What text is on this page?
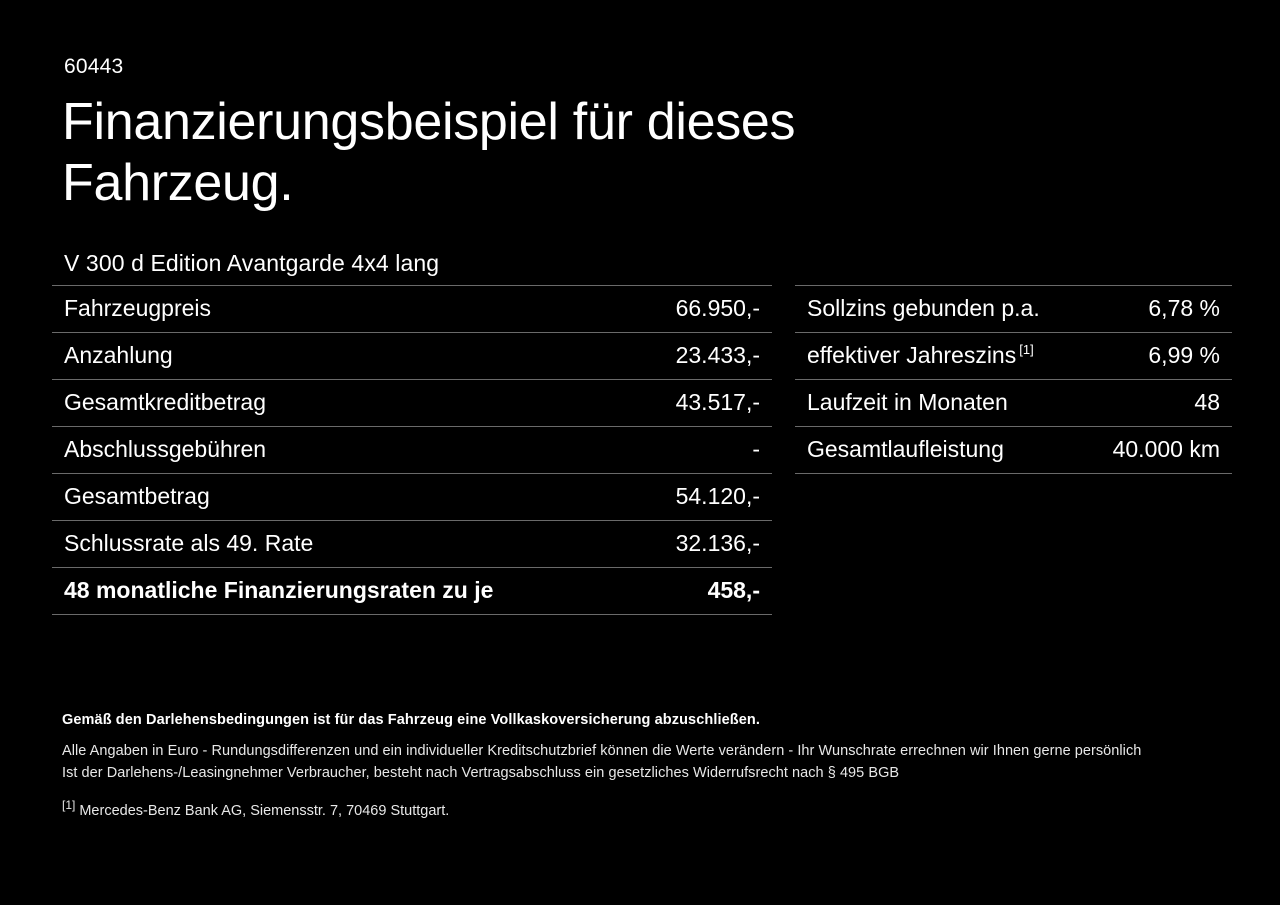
60443
Finanzierungsbeispiel für dieses Fahrzeug.
V 300 d Edition Avantgarde 4x4 lang
Fahrzeugpreis	66.950,-
Anzahlung	23.433,-
Gesamtkreditbetrag	43.517,-
Abschlussgebühren	-
Gesamtbetrag	54.120,-
Schlussrate als 49. Rate	32.136,-
48 monatliche Finanzierungsraten zu je	458,-
Sollzins gebunden p.a.	6,78 %
effektiver Jahreszins [1]	6,99 %
Laufzeit in Monaten	48
Gesamtlaufleistung	40.000 km
Gemäß den Darlehensbedingungen ist für das Fahrzeug eine Vollkaskoversicherung abzuschließen.
Alle Angaben in Euro - Rundungsdifferenzen und ein individueller Kreditschutzbrief können die Werte verändern - Ihr Wunschrate errechnen wir Ihnen gerne persönlich
Ist der Darlehens-/Leasingnehmer Verbraucher, besteht nach Vertragsabschluss ein gesetzliches Widerrufsrecht nach § 495 BGB
[1] Mercedes-Benz Bank AG, Siemensstr. 7, 70469 Stuttgart.
